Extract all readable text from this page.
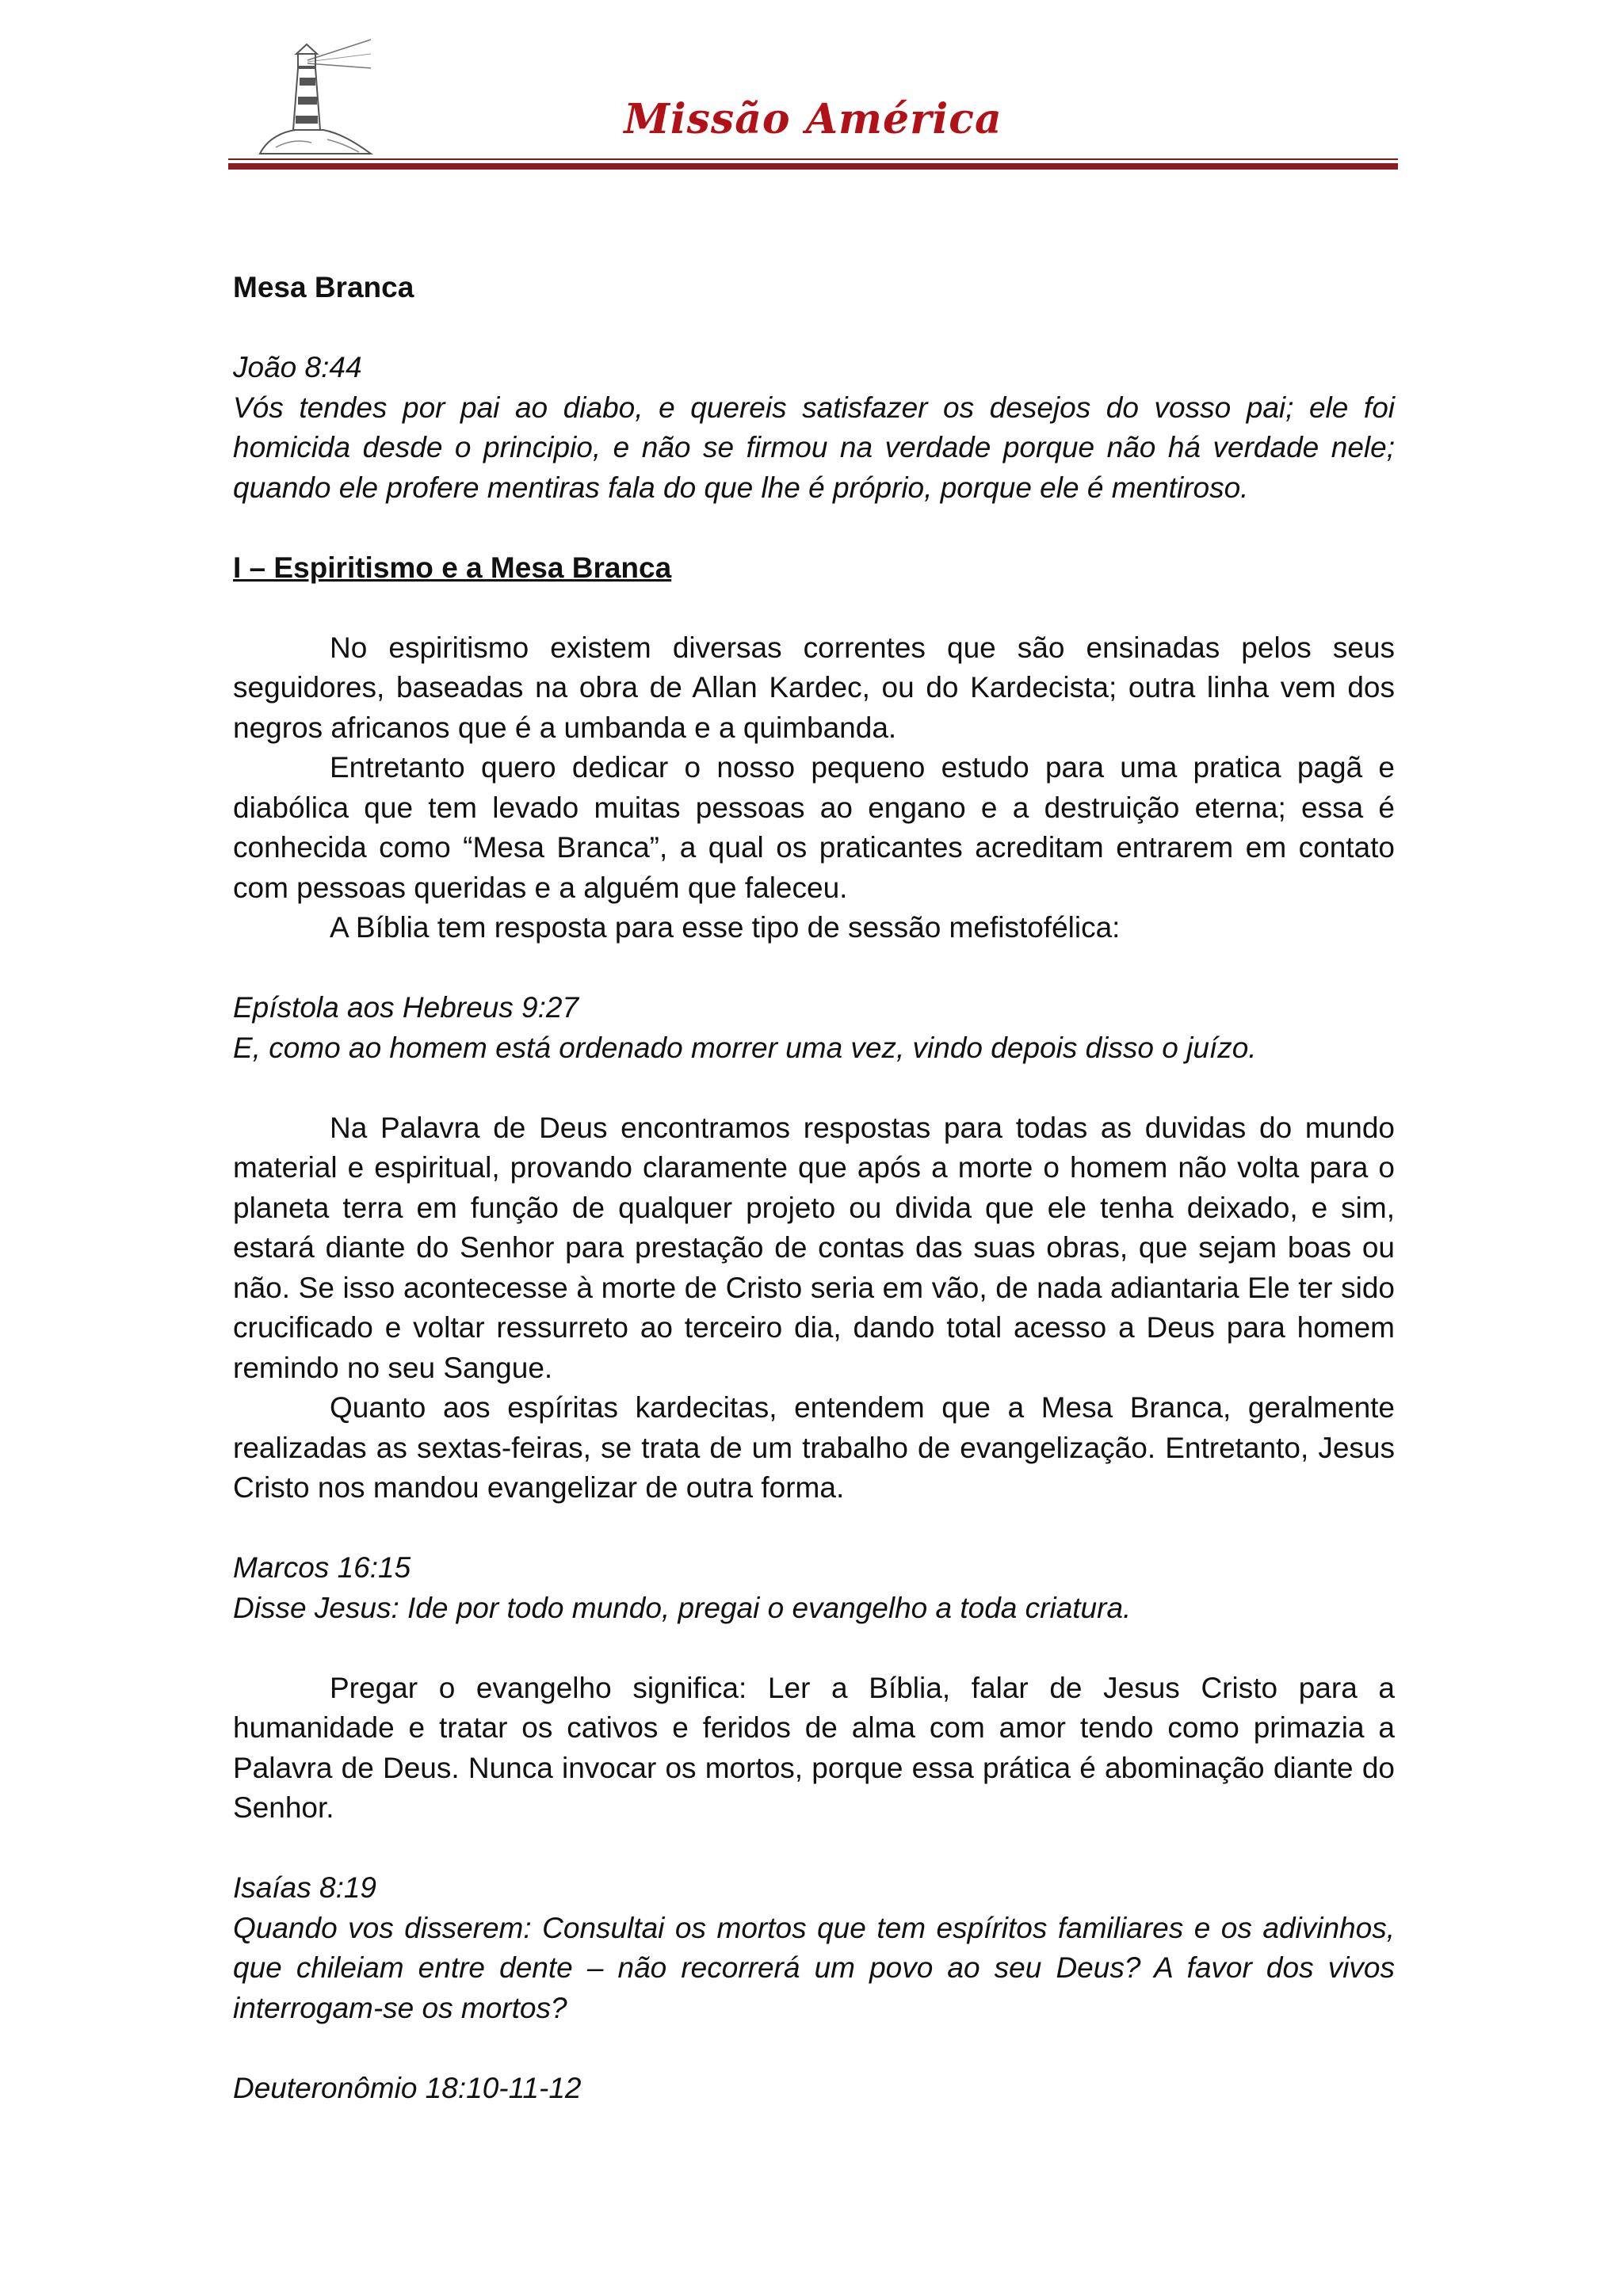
Missão América

Mesa Branca

João 8:44

Vós tendes por pai ao diabo, e quereis satisfazer os desejos do vosso pai; ele foi homicida desde o principio, e não se firmou na verdade porque não há verdade nele; quando ele profere mentiras fala do que lhe é próprio, porque ele é mentiroso.

I – Espiritismo e a Mesa Branca

No espiritismo existem diversas correntes que são ensinadas pelos seus seguidores, baseadas na obra de Allan Kardec, ou do Kardecista; outra linha vem dos negros africanos que é a umbanda e a quimbanda.

Entretanto quero dedicar o nosso pequeno estudo para uma pratica pagã e diabólica que tem levado muitas pessoas ao engano e a destruição eterna; essa é conhecida como “Mesa Branca”, a qual os praticantes acreditam entrarem em contato com pessoas queridas e a alguém que faleceu.

A Bíblia tem resposta para esse tipo de sessão mefistofélica:

Epístola aos Hebreus 9:27

E, como ao homem está ordenado morrer uma vez, vindo depois disso o juízo.

Na Palavra de Deus encontramos respostas para todas as duvidas do mundo material e espiritual, provando claramente que após a morte o homem não volta para o planeta terra em função de qualquer projeto ou divida que ele tenha deixado, e sim, estará diante do Senhor para prestação de contas das suas obras, que sejam boas ou não. Se isso acontecesse à morte de Cristo seria em vão, de nada adiantaria Ele ter sido crucificado e voltar ressurreto ao terceiro dia, dando total acesso a Deus para homem remindo no seu Sangue.

Quanto aos espíritas kardecitas, entendem que a Mesa Branca, geralmente realizadas as sextas-feiras, se trata de um trabalho de evangelização. Entretanto, Jesus Cristo nos mandou evangelizar de outra forma.

Marcos 16:15

Disse Jesus: Ide por todo mundo, pregai o evangelho a toda criatura.

Pregar o evangelho significa: Ler a Bíblia, falar de Jesus Cristo para a humanidade e tratar os cativos e feridos de alma com amor tendo como primazia a Palavra de Deus. Nunca invocar os mortos, porque essa prática é abominação diante do Senhor.

Isaías 8:19

Quando vos disserem: Consultai os mortos que tem espíritos familiares e os adivinhos, que chileiam entre dente – não recorrerá um povo ao seu Deus? A favor dos vivos interrogam-se os mortos?

Deuteronômio 18:10-11-12
